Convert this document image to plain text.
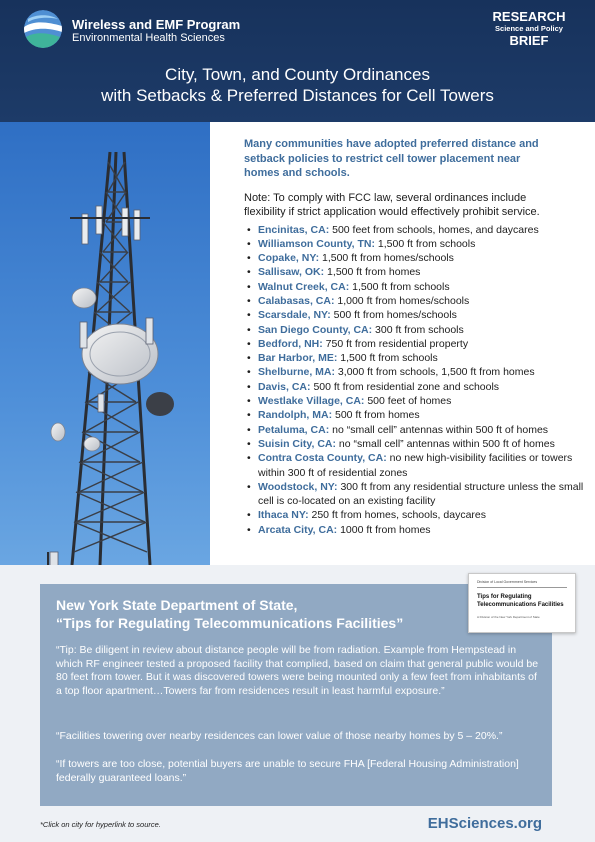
Wireless and EMF Program
Environmental Health Sciences
RESEARCH
Science and Policy
BRIEF
City, Town, and County Ordinances
with Setbacks & Preferred Distances for Cell Towers

Many communities have adopted preferred distance and setback policies to restrict cell tower placement near homes and schools.

Note: To comply with FCC law, several ordinances include flexibility if strict application would effectively prohibit service.

• Encinitas, CA : 500 feet from schools, homes, and daycares
• Williamson County, TN : 1,500 ft from schools
• Copake, NY : 1,500 ft from homes/schools
• Sallisaw, OK : 1,500 ft from homes
• Walnut Creek, CA : 1,500 ft from schools
• Calabasas, CA : 1,000 ft from homes/schools
• Scarsdale, NY : 500 ft from homes/schools
• San Diego County, CA : 300 ft from schools
• Bedford, NH : 750 ft from residential property
• Bar Harbor, ME : 1,500 ft from schools
• Shelburne, MA : 3,000 ft from schools, 1,500 ft from homes
• Davis, CA : 500 ft from residential zone and schools
• Westlake Village, CA : 500 feet of homes
• Randolph, MA : 500 ft from homes
• Petaluma, CA : no “small cell” antennas within 500 ft of homes
• Suisin City, CA : no “small cell” antennas within 500 ft of homes
• Contra Costa County, CA : no new high-visibility facilities or towers within 300 ft of residential zones
• Woodstock, NY : 300 ft from any residential structure unless the small cell is co-located on an existing facility
• Ithaca NY : 250 ft from homes, schools, daycares
• Arcata City, CA : 1000 ft from homes
New York State Department of State,
“Tips for Regulating Telecommunications Facilities”

“Tip: Be diligent in review about distance people will be from radiation. Example from Hempstead in which RF engineer tested a proposed facility that complied, based on claim that general public would be 80 feet from tower. But it was discovered towers were being mounted only a few feet from inhabitants of a top floor apartment…Towers far from residences result in least harmful exposure.”

“Facilities towering over nearby residences can lower value of those nearby homes by 5 – 20%.”

“If towers are too close, potential buyers are unable to secure FHA [Federal Housing Administration] federally guaranteed loans.”

Division of Local Government Services
Tips for Regulating Telecommunications Facilities
A Division of the New York Department of State
*Click on city for hyperlink to source.	EHSciences.org
